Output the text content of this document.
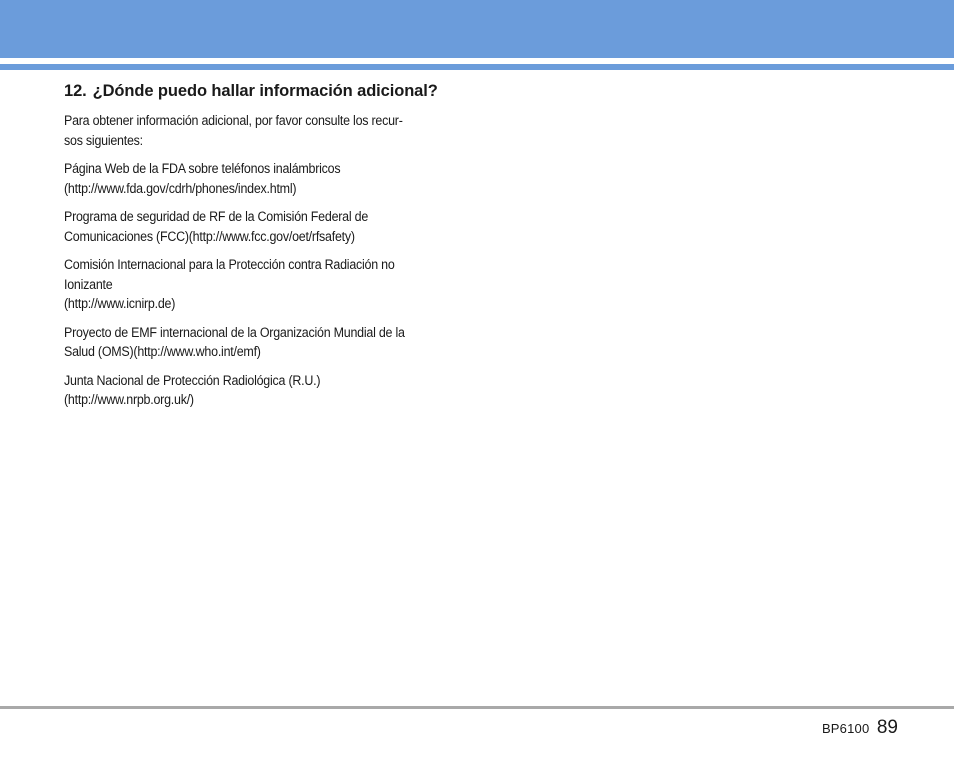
12. ¿Dónde puedo hallar información adicional?

Para obtener información adicional, por favor consulte los recur-
sos siguientes:

Página Web de la FDA sobre teléfonos inalámbricos
(http://www.fda.gov/cdrh/phones/index.html)

Programa de seguridad de RF de la Comisión Federal de
Comunicaciones (FCC)(http://www.fcc.gov/oet/rfsafety)

Comisión Internacional para la Protección contra Radiación no
Ionizante
(http://www.icnirp.de)

Proyecto de EMF internacional de la Organización Mundial de la
Salud (OMS)(http://www.who.int/emf)

Junta Nacional de Protección Radiológica (R.U.)
(http://www.nrpb.org.uk/)

BP6100 89
